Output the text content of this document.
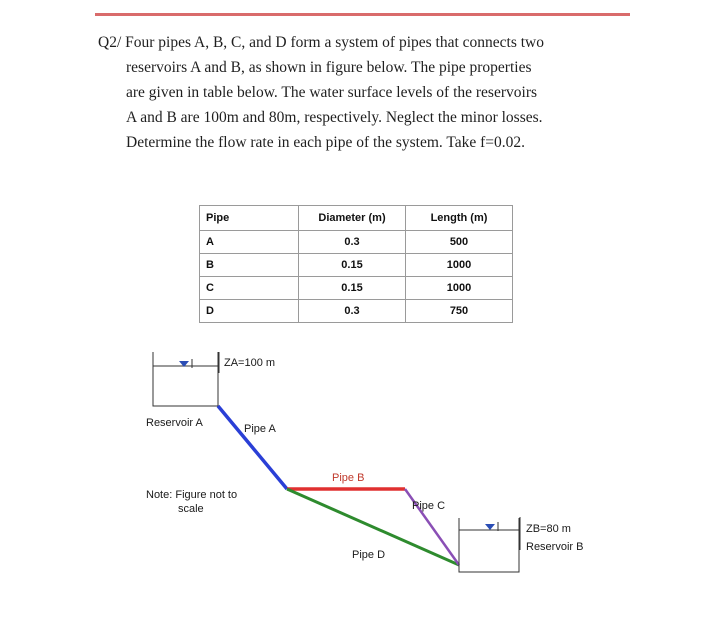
Q2/ Four pipes A, B, C, and D form a system of pipes that connects two
reservoirs A and B, as shown in figure below. The pipe properties
are given in table below. The water surface levels of the reservoirs
A and B are 100m and 80m, respectively. Neglect the minor losses.
Determine the flow rate in each pipe of the system. Take f=0.02.
Pipe	Diameter (m)	Length (m)
A	0.3	500
B	0.15	1000
C	0.15	1000
D	0.3	750
ZA=100 m
Reservoir A	Pipe A
Pipe B
Pipe D
Pipe C
ZB=80 m
Reservoir B
Note: Figure not to
scale
